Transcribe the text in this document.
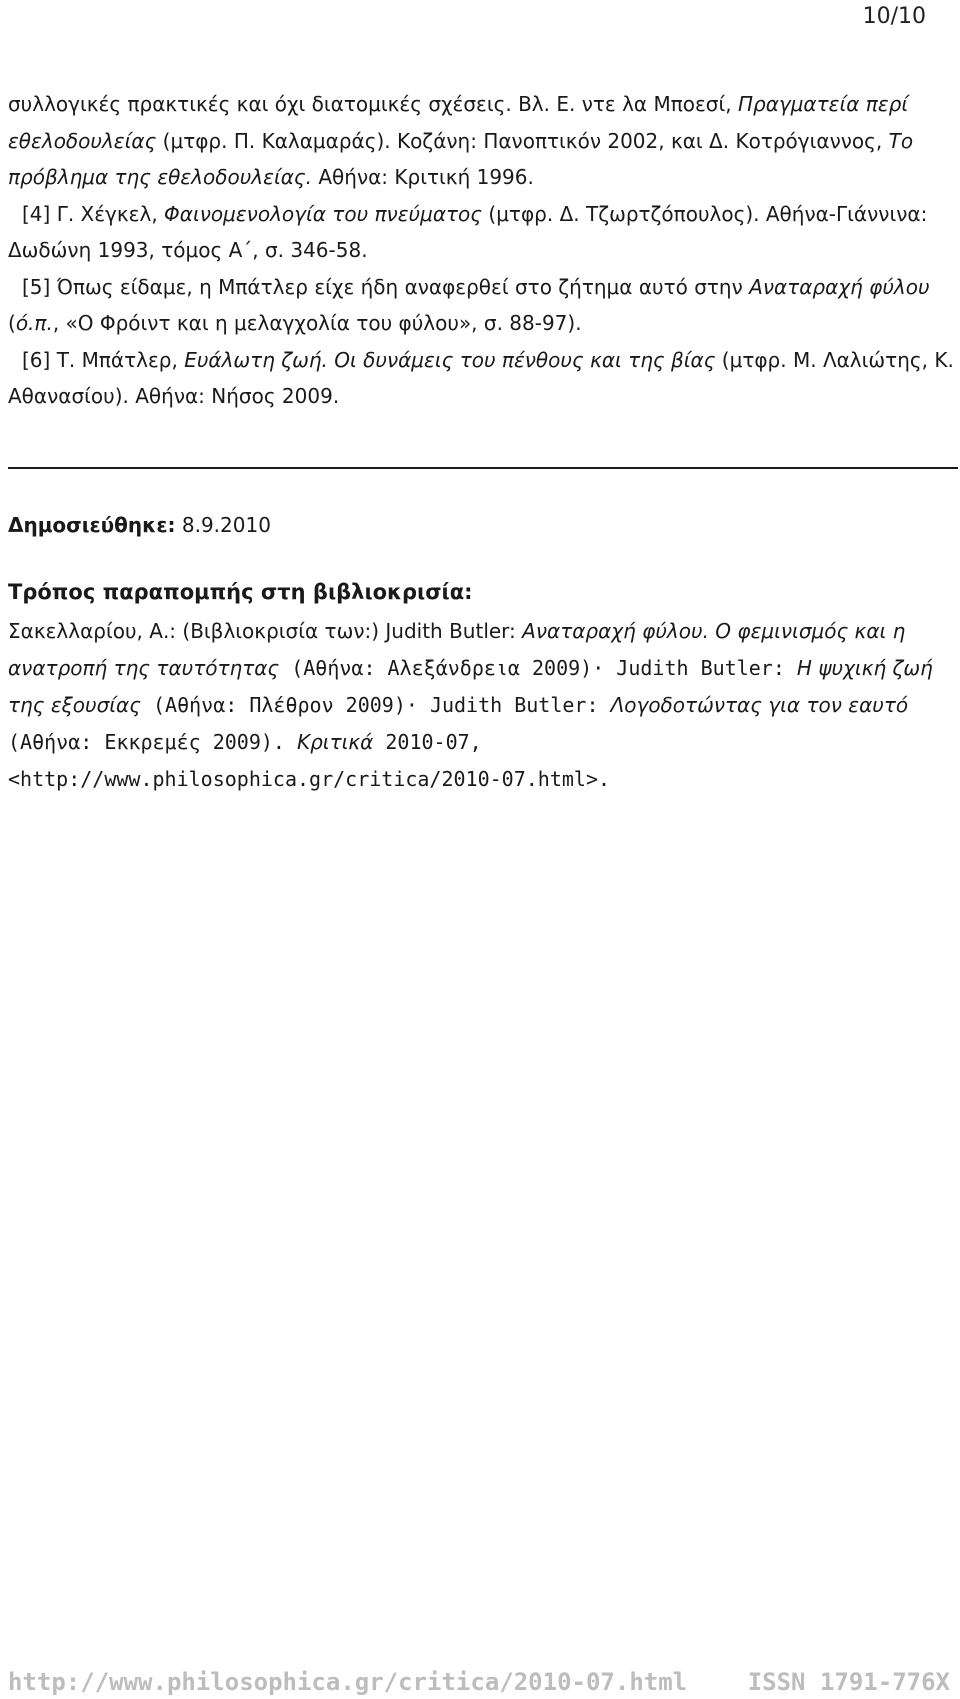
10/10

συλλογικές πρακτικές και όχι διατομικές σχέσεις. Βλ. Ε. ντε λα Μποεσί, Πραγματεία περί εθελοδουλείας (μτφρ. Π. Καλαμαράς). Κοζάνη: Πανοπτικόν 2002, και Δ. Κοτρόγιαννος, Το πρόβλημα της εθελοδουλείας. Αθήνα: Κριτική 1996.

[4] Γ. Χέγκελ, Φαινομενολογία του πνεύματος (μτφρ. Δ. Τζωρτζόπουλος). Αθήνα-Γιάννινα: Δωδώνη 1993, τόμος Α΄, σ. 346-58.

[5] Όπως είδαμε, η Μπάτλερ είχε ήδη αναφερθεί στο ζήτημα αυτό στην Αναταραχή φύλου (ό.π., «Ο Φρόιντ και η μελαγχολία του φύλου», σ. 88-97).

[6] Τ. Μπάτλερ, Ευάλωτη ζωή. Οι δυνάμεις του πένθους και της βίας (μτφρ. Μ. Λαλιώτης, Κ. Αθανασίου). Αθήνα: Νήσος 2009.

Δημοσιεύθηκε: 8.9.2010
Τρόπος παραπομπής στη βιβλιοκρισία:
Σακελλαρίου, Α.: (Βιβλιοκρισία των:) Judith Butler: Αναταραχή φύλου. Ο φεμινισμός και η ανατροπή της ταυτότητας (Αθήνα: Αλεξάνδρεια 2009)· Judith Butler: Η ψυχική ζωή της εξουσίας (Αθήνα: Πλέθρον 2009)· Judith Butler: Λογοδοτώντας για τον εαυτό (Αθήνα: Εκκρεμές 2009). Κριτικά 2010-07, <http://www.philosophica.gr/critica/2010-07.html>.
http://www.philosophica.gr/critica/2010-07.html	ISSN 1791-776X
